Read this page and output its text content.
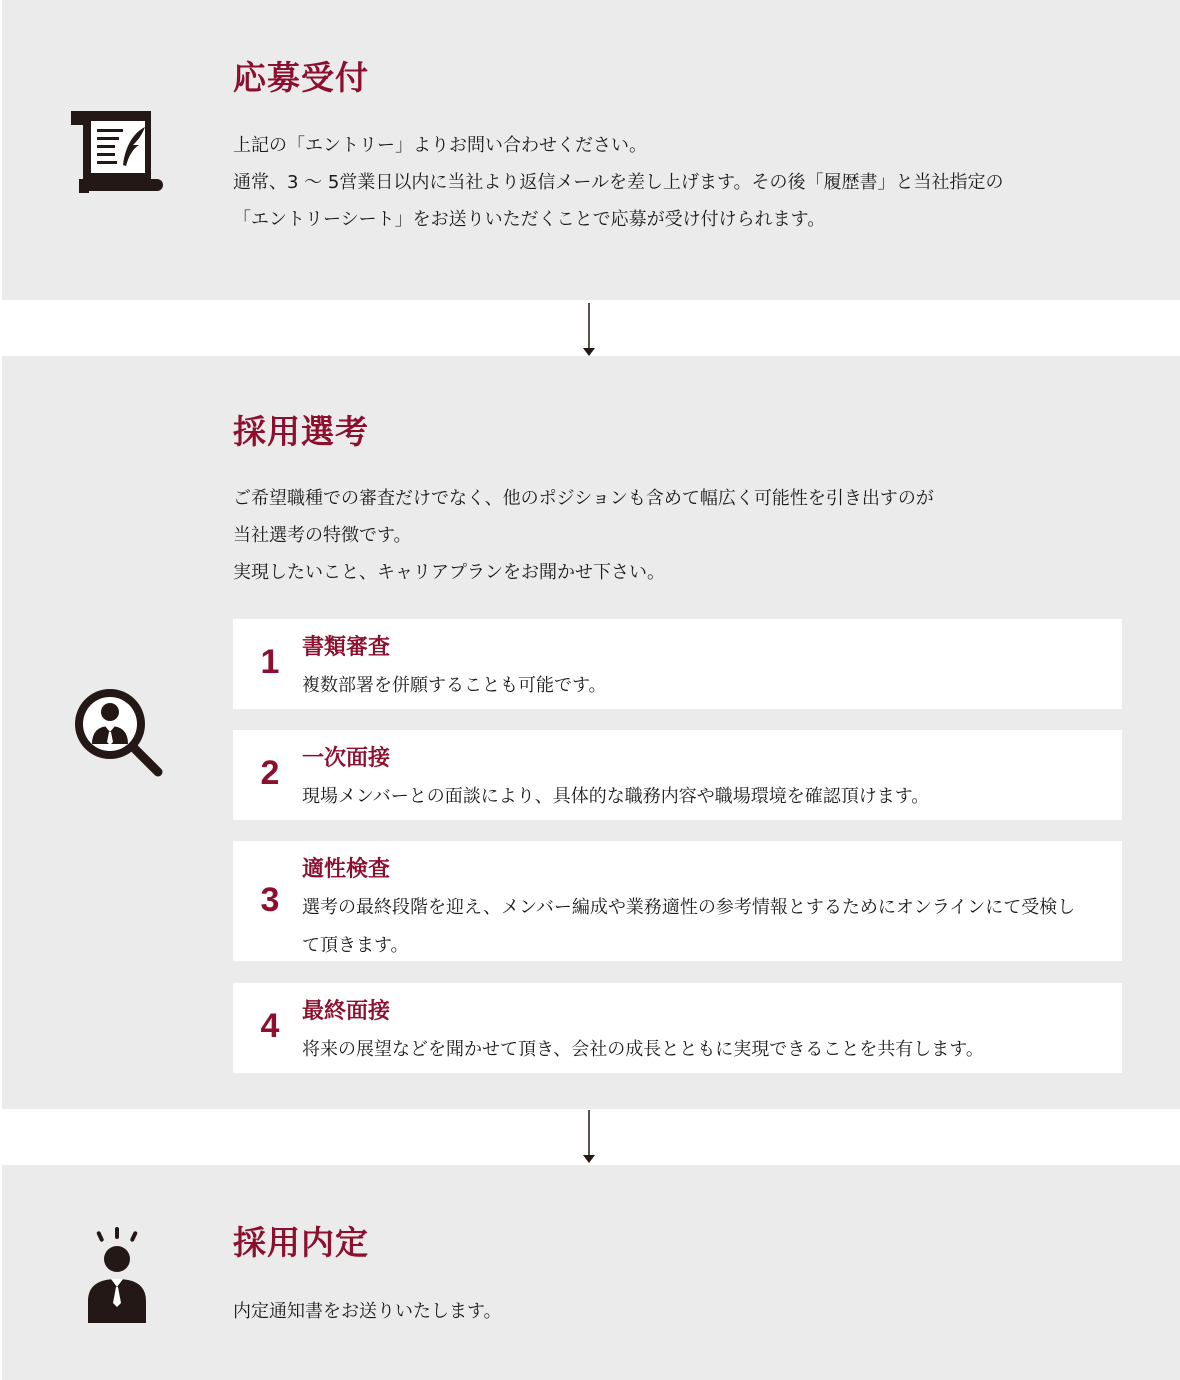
応募受付

上記の「エントリー」よりお問い合わせください。

通常、3 〜 5営業日以内に当社より返信メールを差し上げます。その後「履歴書」と当社指定の

「エントリーシート」をお送りいただくことで応募が受け付けられます。

採用選考

ご希望職種での審査だけでなく、他のポジションも含めて幅広く可能性を引き出すのが

当社選考の特徴です。

実現したいこと、キャリアプランをお聞かせ下さい。

1 書類審査
複数部署を併願することも可能です。
2 一次面接
現場メンバーとの面談により、具体的な職務内容や職場環境を確認頂けます。
3
適性検査
選考の最終段階を迎え、メンバー編成や業務適性の参考情報とするためにオンラインにて受検して頂きます。
4 最終面接
将来の展望などを聞かせて頂き、会社の成長とともに実現できることを共有します。
採用内定

内定通知書をお送りいたします。
